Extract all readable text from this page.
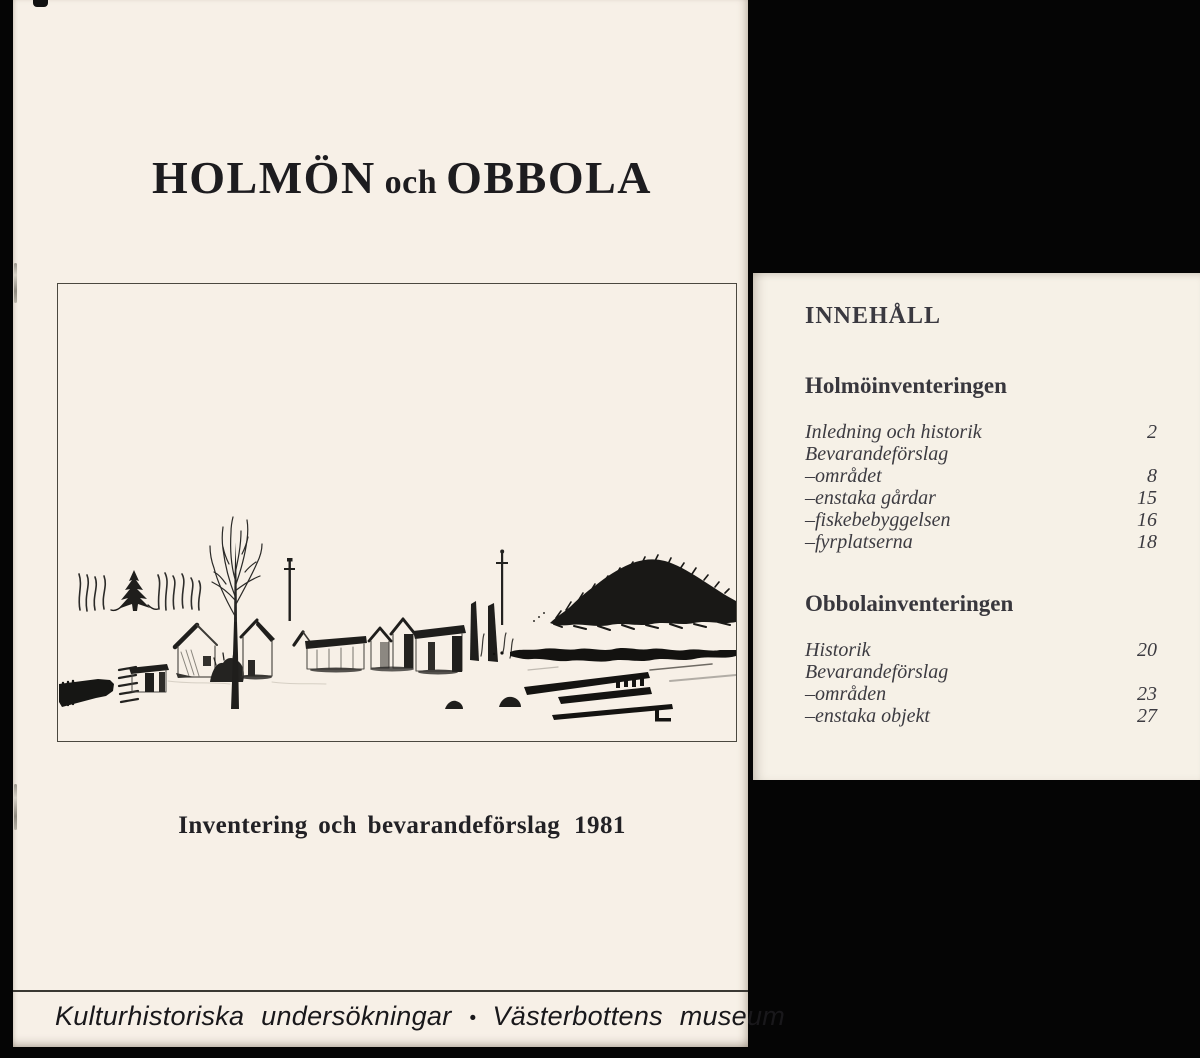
HOLMÖN och OBBOLA

Inventering och bevarandeförslag 1981

Kulturhistoriska undersökningar • Västerbottens museum

INNEHÅLL
Holmöinventeringen
Inledning och historik	2
Bevarandeförslag
–området	8
–enstaka gårdar	15
–fiskebebyggelsen	16
–fyrplatserna	18
Obbolainventeringen
Historik	20
Bevarandeförslag
–områden	23
–enstaka objekt	27
